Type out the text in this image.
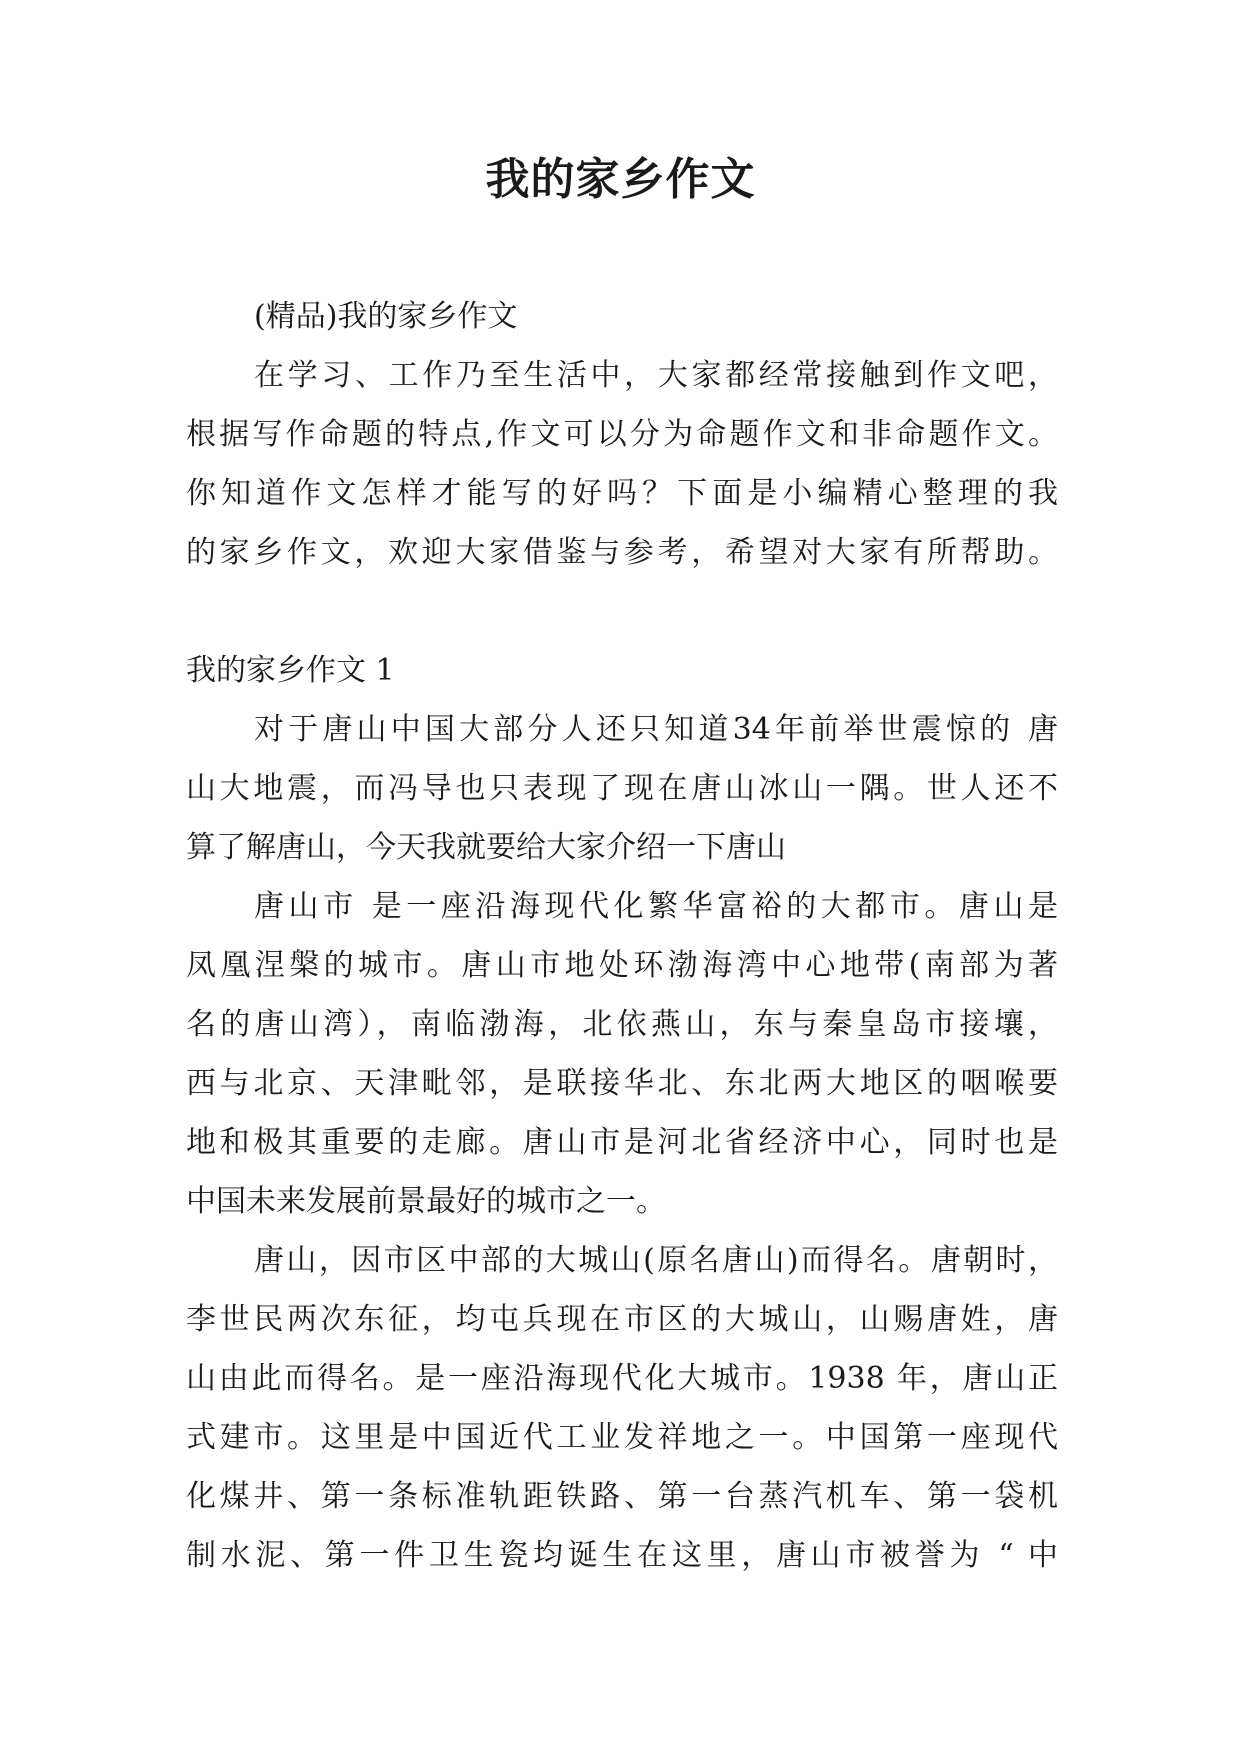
我的家乡作文
(精品)我的家乡作文
在学习、工作乃至生活中，大家都经常接触到作文吧，
根据写作命题的特点,作文可以分为命题作文和非命题作文。
你知道作文怎样才能写的好吗？下面是小编精心整理的我
的家乡作文，欢迎大家借鉴与参考，希望对大家有所帮助。
我的家乡作文 1
对于唐山中国大部分人还只知道34年前举世震惊的 唐
山大地震，而冯导也只表现了现在唐山冰山一隅。世人还不
算了解唐山，今天我就要给大家介绍一下唐山
唐山市 是一座沿海现代化繁华富裕的大都市。唐山是
凤凰涅槃的城市。唐山市地处环渤海湾中心地带(南部为著
名的唐山湾），南临渤海，北依燕山，东与秦皇岛市接壤，
西与北京、天津毗邻，是联接华北、东北两大地区的咽喉要
地和极其重要的走廊。唐山市是河北省经济中心，同时也是
中国未来发展前景最好的城市之一。
唐山，因市区中部的大城山(原名唐山)而得名。唐朝时，
李世民两次东征，均屯兵现在市区的大城山，山赐唐姓，唐
山由此而得名。是一座沿海现代化大城市。1938 年，唐山正
式建市。这里是中国近代工业发祥地之一。中国第一座现代
化煤井、第一条标准轨距铁路、第一台蒸汽机车、第一袋机
制水泥、第一件卫生瓷均诞生在这里，唐山市被誉为 “ 中
